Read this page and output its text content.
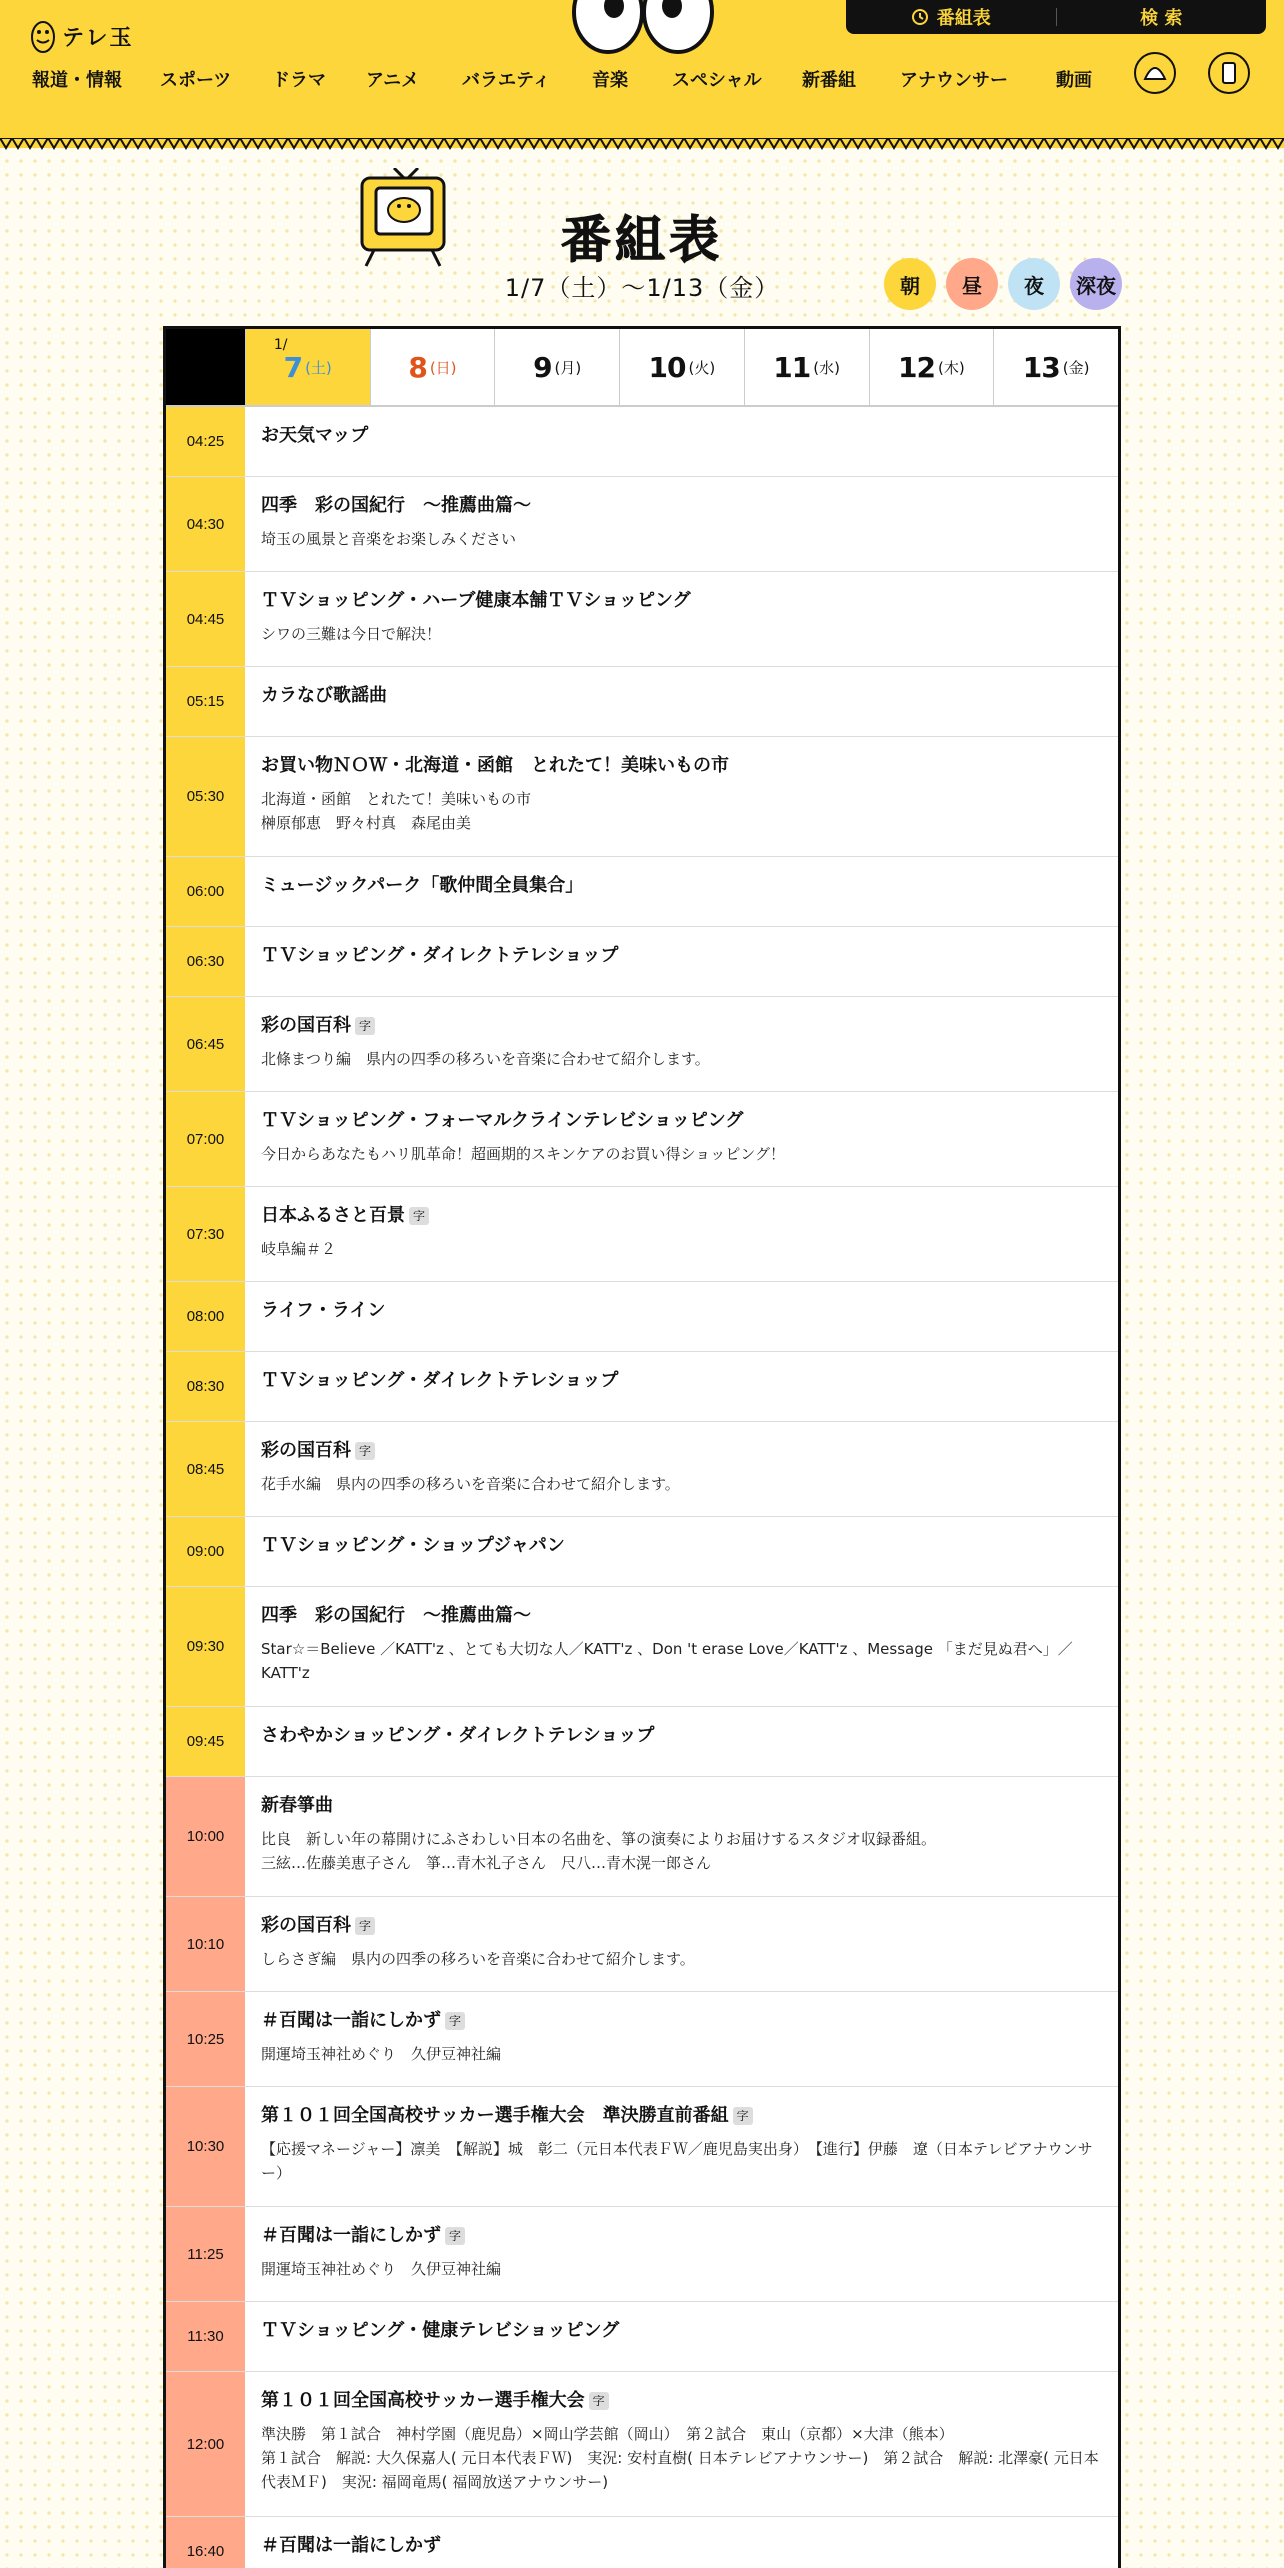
テレ玉
番組表	検 索
報道・情報 スポーツ ドラマ アニメ バラエティ 音楽 スペシャル 新番組 アナウンサー	動画
番組表
1/7（土）〜1/13（金）	朝	昼	夜	深夜
1/
7 (土)	8 (日)	9 (月) 10 (火) 11 (水) 12 (木) 13 (金)
04:25	お天気マップ
04:30
四季　彩の国紀行　～推薦曲篇～
埼玉の風景と音楽をお楽しみください
04:45
ＴＶショッピング・ハーブ健康本舗ＴＶショッピング
シワの三難は今日で解決！
05:15	カラなび歌謡曲
05:30
お買い物ＮＯＷ・北海道・函館　とれたて！美味いもの市
北海道・函館　とれたて！美味いもの市
榊原郁恵　野々村真　森尾由美
06:00	ミュージックパーク「歌仲間全員集合」
06:30	ＴＶショッピング・ダイレクトテレショップ
06:45
彩の国百科 字
北條まつり編　県内の四季の移ろいを音楽に合わせて紹介します。
07:00
ＴＶショッピング・フォーマルクラインテレビショッピング
今日からあなたもハリ肌革命！超画期的スキンケアのお買い得ショッピング！
07:30
日本ふるさと百景 字
岐阜編＃２
08:00	ライフ・ライン
08:30	ＴＶショッピング・ダイレクトテレショップ
08:45
彩の国百科 字
花手水編　県内の四季の移ろいを音楽に合わせて紹介します。
09:00	ＴＶショッピング・ショップジャパン
09:30
四季　彩の国紀行　～推薦曲篇～
Star☆＝Believe ／KATT'z 、とても大切な人／KATT'z 、Don 't erase Love／KATT'z 、Message 「まだ見ぬ君へ」／KATT'z
09:45	さわやかショッピング・ダイレクトテレショップ
10:00
新春箏曲
比良　新しい年の幕開けにふさわしい日本の名曲を、箏の演奏によりお届けするスタジオ収録番組。
三絃…佐藤美恵子さん　箏…青木礼子さん　尺八…青木滉一郎さん
10:10
彩の国百科 字
しらさぎ編　県内の四季の移ろいを音楽に合わせて紹介します。
10:25
＃百聞は一詣にしかず 字
開運埼玉神社めぐり　久伊豆神社編
10:30
第１０１回全国高校サッカー選手権大会　準決勝直前番組 字
【応援マネージャー】凛美　【解説】城　彰二（元日本代表ＦＷ／鹿児島実出身）　【進行】伊藤　遼（日本テレビアナウンサー）
11:25
＃百聞は一詣にしかず 字
開運埼玉神社めぐり　久伊豆神社編
11:30	ＴＶショッピング・健康テレビショッピング
12:00
第１０１回全国高校サッカー選手権大会 字
準決勝　第１試合　神村学園（鹿児島）×岡山学芸館（岡山）　第２試合　東山（京都）×大津（熊本）
第１試合　解説: 大久保嘉人( 元日本代表ＦＷ)　実況: 安村直樹( 日本テレビアナウンサー)　第２試合　解説: 北澤豪( 元日本代表ＭＦ)　実況: 福岡竜馬( 福岡放送アナウンサー)
16:40	＃百聞は一詣にしかず
